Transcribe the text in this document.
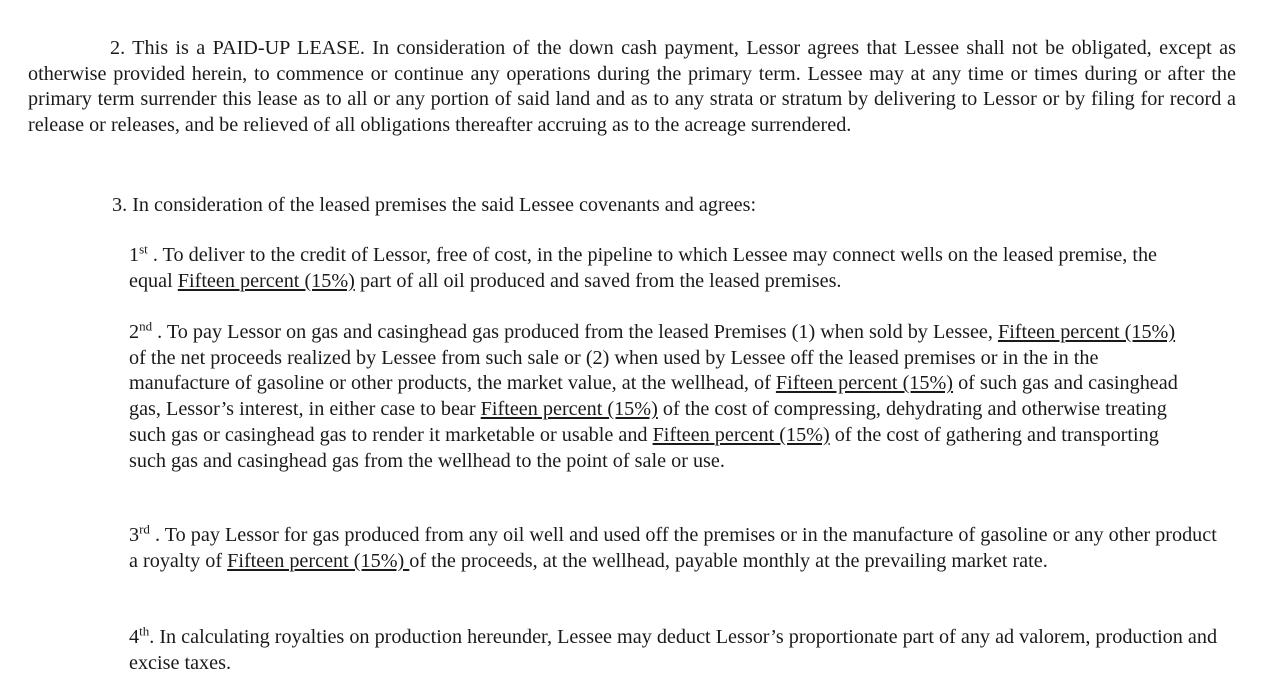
2. This is a PAID-UP LEASE. In consideration of the down cash payment, Lessor agrees that Lessee shall not be obligated, except as otherwise provided herein, to commence or continue any operations during the primary term. Lessee may at any time or times during or after the primary term surrender this lease as to all or any portion of said land and as to any strata or stratum by delivering to Lessor or by filing for record a release or releases, and be relieved of all obligations thereafter accruing as to the acreage surrendered.

3. In consideration of the leased premises the said Lessee covenants and agrees:

1st . To deliver to the credit of Lessor, free of cost, in the pipeline to which Lessee may connect wells on the leased premise, the equal Fifteen percent (15%) part of all oil produced and saved from the leased premises.

2nd . To pay Lessor on gas and casinghead gas produced from the leased Premises (1) when sold by Lessee, Fifteen percent (15%) of the net proceeds realized by Lessee from such sale or (2) when used by Lessee off the leased premises or in the in the manufacture of gasoline or other products, the market value, at the wellhead, of Fifteen percent (15%) of such gas and casinghead gas, Lessor’s interest, in either case to bear Fifteen percent (15%) of the cost of compressing, dehydrating and otherwise treating such gas or casinghead gas to render it marketable or usable and Fifteen percent (15%) of the cost of gathering and transporting such gas and casinghead gas from the wellhead to the point of sale or use.

3rd . To pay Lessor for gas produced from any oil well and used off the premises or in the manufacture of gasoline or any other product a royalty of Fifteen percent (15%) of the proceeds, at the wellhead, payable monthly at the prevailing market rate.

4th. In calculating royalties on production hereunder, Lessee may deduct Lessor’s proportionate part of any ad valorem, production and excise taxes.
